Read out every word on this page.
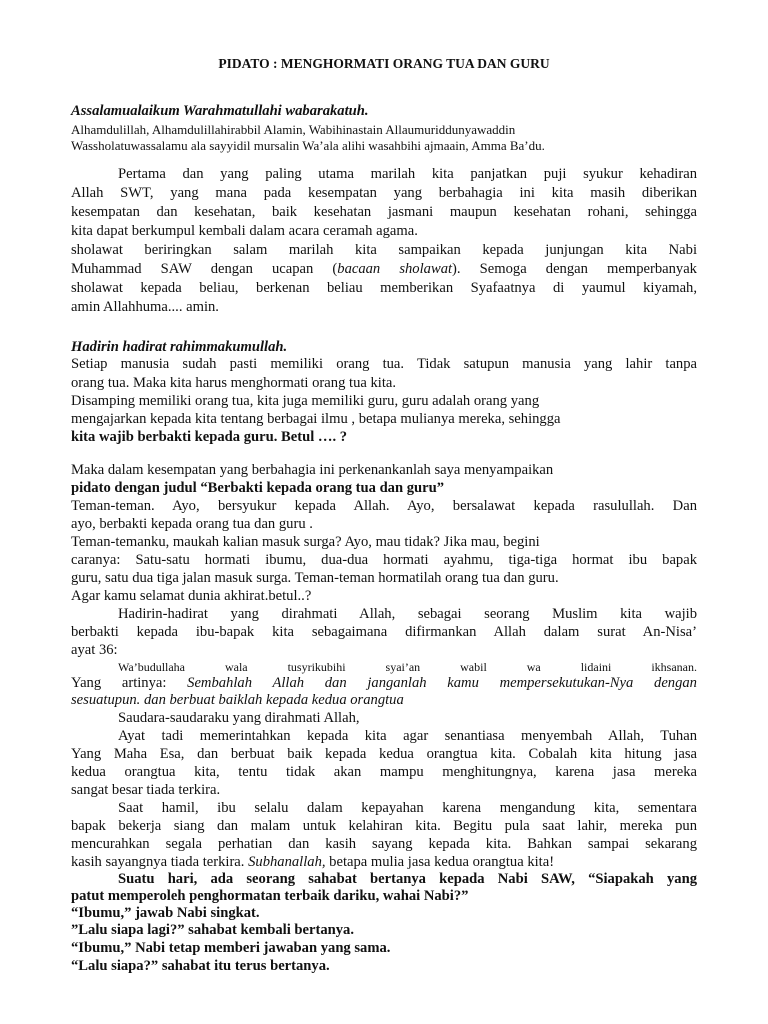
PIDATO : MENGHORMATI ORANG TUA DAN GURU
Assalamualaikum Warahmatullahi wabarakatuh.
Alhamdulillah, Alhamdulillahirabbil Alamin, Wabihinastain Allaumuriddunyawaddin
Wassholatuwassalamu ala sayyidil mursalin Wa’ala alihi wasahbihi ajmaain, Amma Ba’du.
Pertama dan yang paling utama marilah kita panjatkan puji syukur kehadiran
Allah SWT, yang mana pada kesempatan yang berbahagia ini kita masih diberikan
kesempatan dan kesehatan, baik kesehatan jasmani maupun kesehatan rohani, sehingga
kita dapat berkumpul kembali dalam acara ceramah agama.
sholawat beriringkan salam marilah kita sampaikan kepada junjungan kita Nabi
Muhammad SAW dengan ucapan (bacaan sholawat). Semoga dengan memperbanyak
sholawat kepada beliau, berkenan beliau memberikan Syafaatnya di yaumul kiyamah,
amin Allahhuma.... amin.
Hadirin hadirat rahimmakumullah.
Setiap manusia sudah pasti memiliki orang tua. Tidak satupun manusia yang lahir tanpa
orang tua. Maka kita harus menghormati orang tua kita.
Disamping memiliki orang tua, kita juga memiliki guru, guru adalah orang yang
mengajarkan kepada kita tentang berbagai ilmu , betapa mulianya mereka, sehingga
kita wajib berbakti kepada guru. Betul …. ?
Maka dalam kesempatan yang berbahagia ini perkenankanlah saya menyampaikan
pidato dengan judul “Berbakti kepada orang tua dan guru”
Teman-teman. Ayo, bersyukur kepada Allah. Ayo, bersalawat kepada rasulullah. Dan
ayo, berbakti kepada orang tua dan guru .
Teman-temanku, maukah kalian masuk surga? Ayo, mau tidak? Jika mau, begini
caranya: Satu-satu hormati ibumu, dua-dua hormati ayahmu, tiga-tiga hormat ibu bapak
guru, satu dua tiga jalan masuk surga. Teman-teman hormatilah orang tua dan guru.
Agar kamu selamat dunia akhirat.betul..?
Hadirin-hadirat yang dirahmati Allah, sebagai seorang Muslim kita wajib
berbakti kepada ibu-bapak kita sebagaimana difirmankan Allah dalam surat An-Nisa’
ayat 36:
Wa’budullaha wala tusyrikubihi syai’an wabil wa lidaini ikhsanan.
Yang artinya: Sembahlah Allah dan janganlah kamu mempersekutukan-Nya dengan
sesuatupun. dan berbuat baiklah kepada kedua orangtua
Saudara-saudaraku yang dirahmati Allah,
Ayat tadi memerintahkan kepada kita agar senantiasa menyembah Allah, Tuhan
Yang Maha Esa, dan berbuat baik kepada kedua orangtua kita. Cobalah kita hitung jasa
kedua orangtua kita, tentu tidak akan mampu menghitungnya, karena jasa mereka
sangat besar tiada terkira.
Saat hamil, ibu selalu dalam kepayahan karena mengandung kita, sementara
bapak bekerja siang dan malam untuk kelahiran kita. Begitu pula saat lahir, mereka pun
mencurahkan segala perhatian dan kasih sayang kepada kita. Bahkan sampai sekarang
kasih sayangnya tiada terkira. Subhanallah, betapa mulia jasa kedua orangtua kita!
Suatu hari, ada seorang sahabat bertanya kepada Nabi SAW, “Siapakah yang
patut memperoleh penghormatan terbaik dariku, wahai Nabi?”
“Ibumu,” jawab Nabi singkat.
”Lalu siapa lagi?” sahabat kembali bertanya.
“Ibumu,” Nabi tetap memberi jawaban yang sama.
“Lalu siapa?” sahabat itu terus bertanya.
